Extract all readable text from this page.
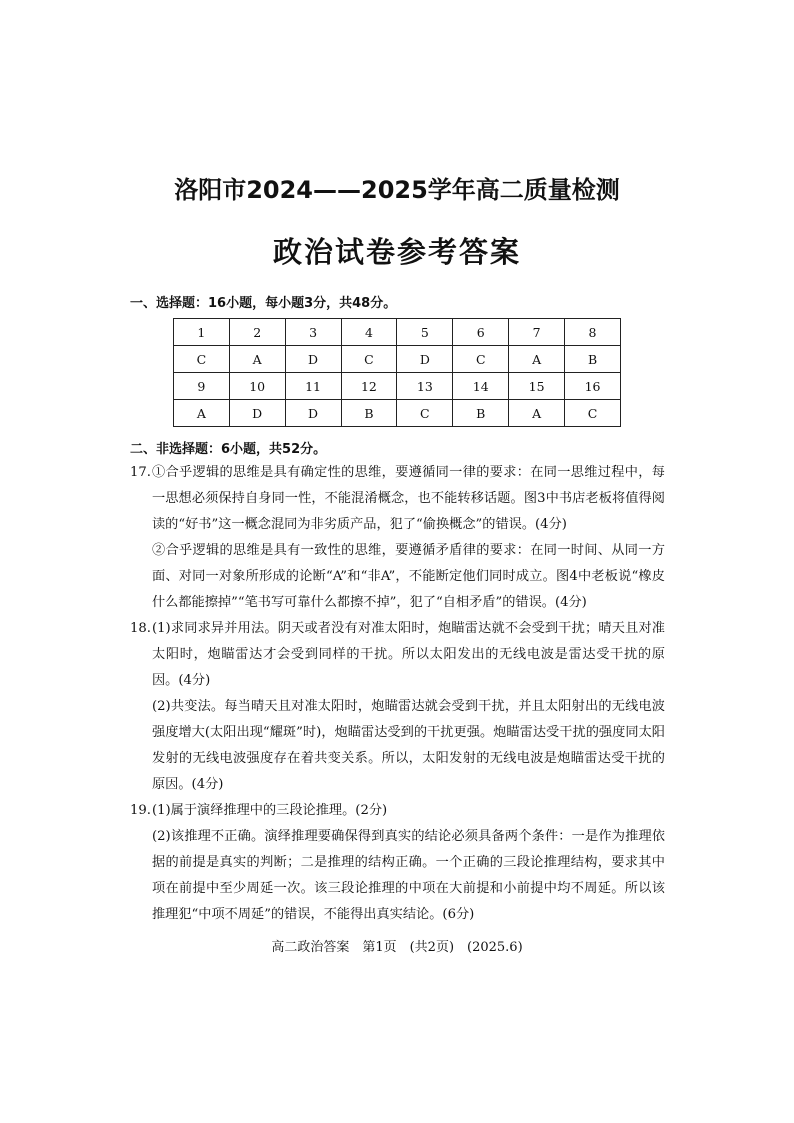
洛阳市2024——2025学年高二质量检测
政治试卷参考答案
一、选择题：16小题，每小题3分，共48分。
1	2	3	4	5	6	7	8
C	A	D	C	D	C	A	B
9	10	11	12	13	14	15	16
A	D	D	B	C	B	A	C
二、非选择题：6小题，共52分。
17. ①合乎逻辑的思维是具有确定性的思维，要遵循同一律的要求：在同一思维过程中，每一思想必须保持自身同一性，不能混淆概念，也不能转移话题。图3中书店老板将值得阅读的“好书”这一概念混同为非劣质产品，犯了“偷换概念”的错误。(4分)
②合乎逻辑的思维是具有一致性的思维，要遵循矛盾律的要求：在同一时间、从同一方面、对同一对象所形成的论断“A”和“非A”，不能断定他们同时成立。图4中老板说“橡皮什么都能擦掉”“笔书写可靠什么都擦不掉”，犯了“自相矛盾”的错误。(4分)
18. (1)求同求异并用法。阴天或者没有对准太阳时，炮瞄雷达就不会受到干扰；晴天且对准太阳时，炮瞄雷达才会受到同样的干扰。所以太阳发出的无线电波是雷达受干扰的原因。(4分)
(2)共变法。每当晴天且对准太阳时，炮瞄雷达就会受到干扰，并且太阳射出的无线电波强度增大(太阳出现“耀斑”时)，炮瞄雷达受到的干扰更强。炮瞄雷达受干扰的强度同太阳发射的无线电波强度存在着共变关系。所以，太阳发射的无线电波是炮瞄雷达受干扰的原因。(4分)
19. (1)属于演绎推理中的三段论推理。(2分)
(2)该推理不正确。演绎推理要确保得到真实的结论必须具备两个条件：一是作为推理依据的前提是真实的判断；二是推理的结构正确。一个正确的三段论推理结构，要求其中项在前提中至少周延一次。该三段论推理的中项在大前提和小前提中均不周延。所以该推理犯“中项不周延”的错误，不能得出真实结论。(6分)
高二政治答案　第1页　(共2页)　(2025.6)
